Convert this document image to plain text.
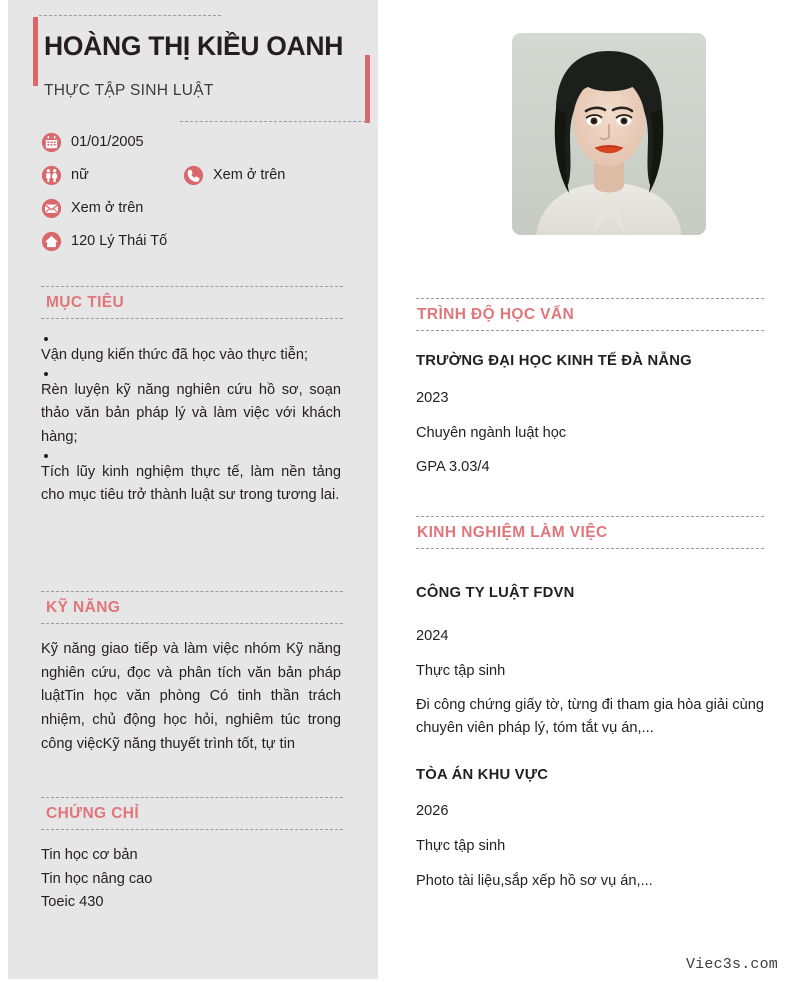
HOÀNG THỊ KIỀU OANH
THỰC TẬP SINH LUẬT
01/01/2005
nữ	Xem ở trên
Xem ở trên
120 Lý Thái Tố
MỤC TIÊU
Vận dụng kiến thức đã học vào thực tiễn;
Rèn luyện kỹ năng nghiên cứu hồ sơ, soạn thảo văn bản pháp lý và làm việc với khách hàng;
Tích lũy kinh nghiệm thực tế, làm nền tảng cho mục tiêu trở thành luật sư trong tương lai.
KỸ NĂNG
Kỹ năng giao tiếp và làm việc nhóm Kỹ năng nghiên cứu, đọc và phân tích văn bản pháp luậtTin học văn phòng Có tinh thần trách nhiệm, chủ động học hỏi, nghiêm túc trong công việcKỹ năng thuyết trình tốt, tự tin
CHỨNG CHỈ
Tin học cơ bản
Tin học nâng cao
Toeic 430
TRÌNH ĐỘ HỌC VẤN
TRƯỜNG ĐẠI HỌC KINH TẾ ĐÀ NẴNG
2023
Chuyên ngành luật học
GPA 3.03/4
KINH NGHIỆM LÀM VIỆC
CÔNG TY LUẬT FDVN
2024
Thực tập sinh
Đi công chứng giấy tờ, từng đi tham gia hòa giải cùng chuyên viên pháp lý, tóm tắt vụ án,...
TÒA ÁN KHU VỰC
2026
Thực tập sinh
Photo tài liệu,sắp xếp hồ sơ vụ án,...
Viec3s.com
